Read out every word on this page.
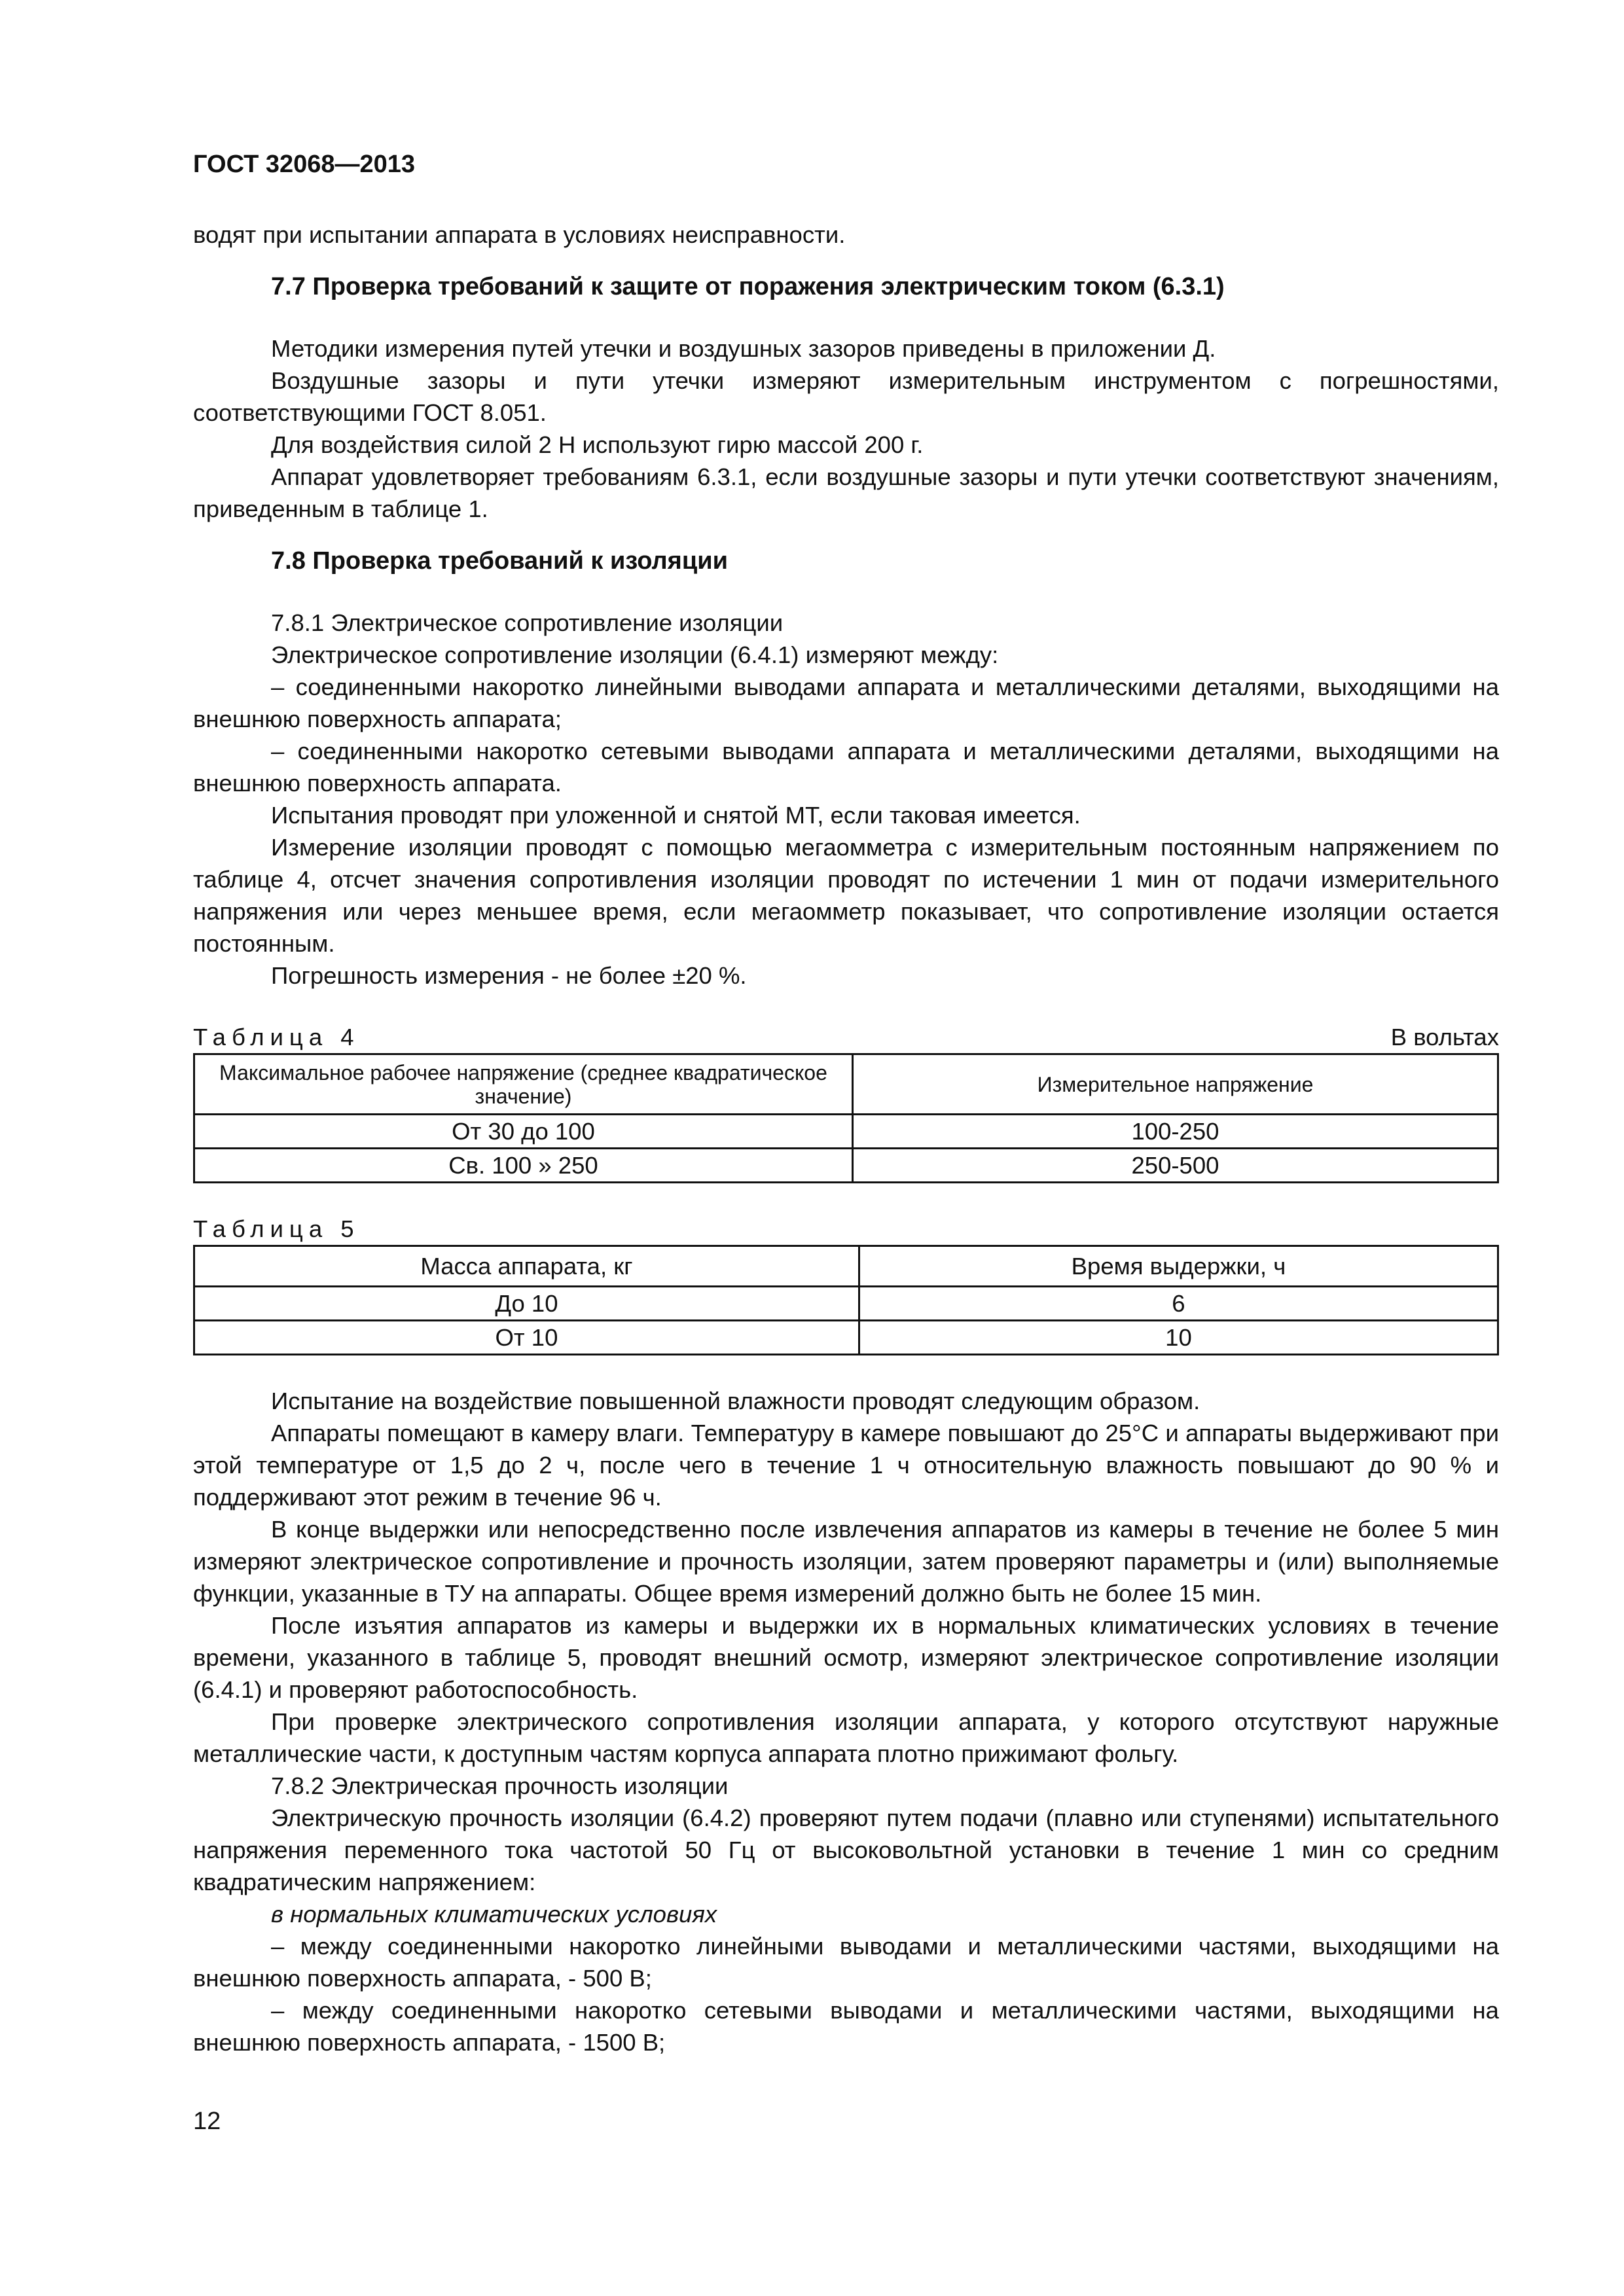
ГОСТ 32068—2013

водят при испытании аппарата в условиях неисправности.

7.7 Проверка требований к защите от поражения электрическим током (6.3.1)

Методики измерения путей утечки и воздушных зазоров приведены в приложении Д.

Воздушные зазоры и пути утечки измеряют измерительным инструментом с погрешностями, соответствующими ГОСТ 8.051.

Для воздействия силой 2 Н используют гирю массой 200 г.

Аппарат удовлетворяет требованиям 6.3.1, если воздушные зазоры и пути утечки соответствуют значениям, приведенным в таблице 1.

7.8 Проверка требований к изоляции

7.8.1 Электрическое сопротивление изоляции

Электрическое сопротивление изоляции (6.4.1) измеряют между:

– соединенными накоротко линейными выводами аппарата и металлическими деталями, выходящими на внешнюю поверхность аппарата;

– соединенными накоротко сетевыми выводами аппарата и металлическими деталями, выходящими на внешнюю поверхность аппарата.

Испытания проводят при уложенной и снятой МТ, если таковая имеется.

Измерение изоляции проводят с помощью мегаомметра с измерительным постоянным напряжением по таблице 4, отсчет значения сопротивления изоляции проводят по истечении 1 мин от подачи измерительного напряжения или через меньшее время, если мегаомметр показывает, что сопротивление изоляции остается постоянным.

Погрешность измерения - не более ±20 %.

Таблица 4	В вольтах
Максимальное рабочее напряжение (среднее квадратическое значение)	Измерительное напряжение
От 30 до 100	100-250
Св. 100 » 250	250-500
Таблица 5
Масса аппарата, кг	Время выдержки, ч
До 10	6
От 10	10

Испытание на воздействие повышенной влажности проводят следующим образом.

Аппараты помещают в камеру влаги. Температуру в камере повышают до 25°С и аппараты выдерживают при этой температуре от 1,5 до 2 ч, после чего в течение 1 ч относительную влажность повышают до 90 % и поддерживают этот режим в течение 96 ч.

В конце выдержки или непосредственно после извлечения аппаратов из камеры в течение не более 5 мин измеряют электрическое сопротивление и прочность изоляции, затем проверяют параметры и (или) выполняемые функции, указанные в ТУ на аппараты. Общее время измерений должно быть не более 15 мин.

После изъятия аппаратов из камеры и выдержки их в нормальных климатических условиях в течение времени, указанного в таблице 5, проводят внешний осмотр, измеряют электрическое сопротивление изоляции (6.4.1) и проверяют работоспособность.

При проверке электрического сопротивления изоляции аппарата, у которого отсутствуют наружные металлические части, к доступным частям корпуса аппарата плотно прижимают фольгу.

7.8.2 Электрическая прочность изоляции

Электрическую прочность изоляции (6.4.2) проверяют путем подачи (плавно или ступенями) испытательного напряжения переменного тока частотой 50 Гц от высоковольтной установки в течение 1 мин со средним квадратическим напряжением:

в нормальных климатических условиях

– между соединенными накоротко линейными выводами и металлическими частями, выходящими на внешнюю поверхность аппарата, - 500 В;

– между соединенными накоротко сетевыми выводами и металлическими частями, выходящими на внешнюю поверхность аппарата, - 1500 В;

12
